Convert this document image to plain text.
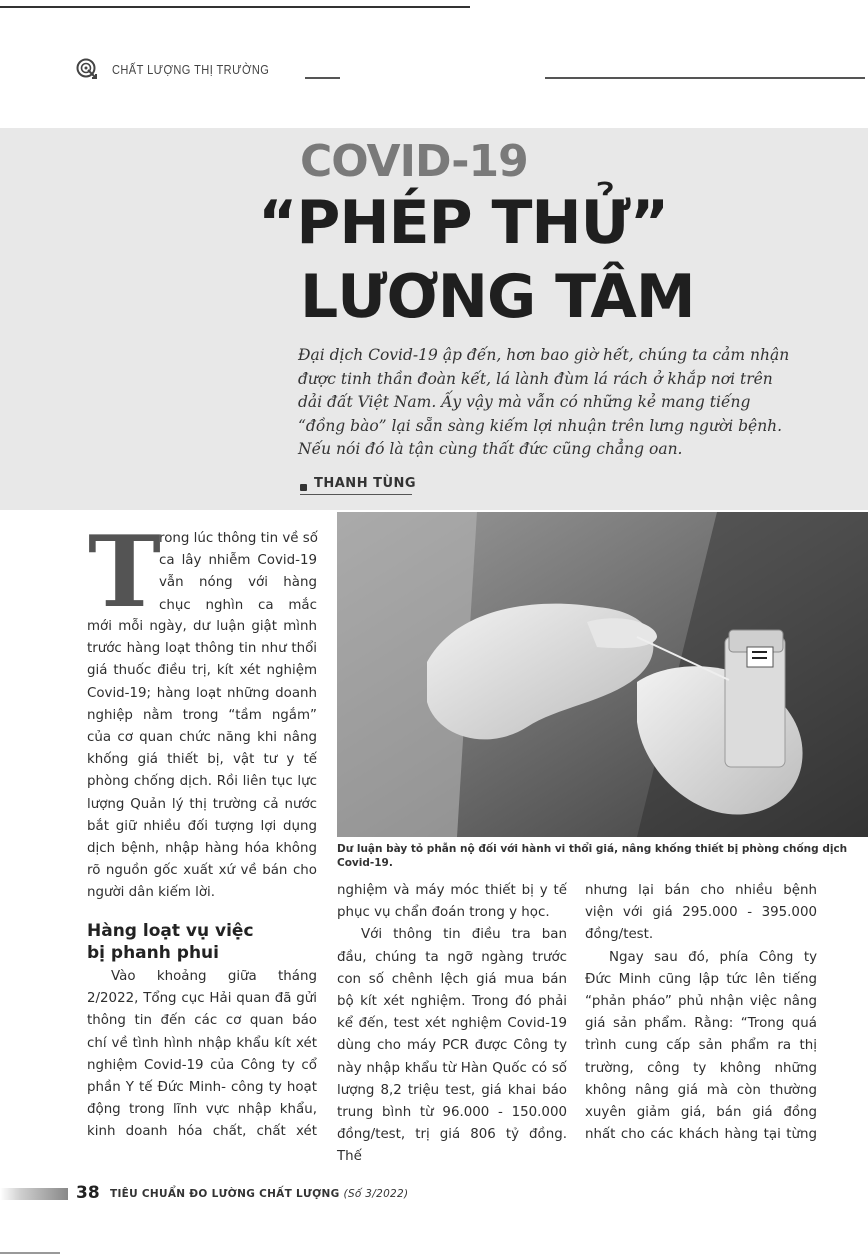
CHẤT LƯỢNG THỊ TRƯỜNG
COVID-19
“PHÉP THỬ”
LƯƠNG TÂM
Đại dịch Covid-19 ập đến, hơn bao giờ hết, chúng ta cảm nhận
được tinh thần đoàn kết, lá lành đùm lá rách ở khắp nơi trên
dải đất Việt Nam. Ấy vậy mà vẫn có những kẻ mang tiếng
“đồng bào” lại sẵn sàng kiếm lợi nhuận trên lưng người bệnh.
Nếu nói đó là tận cùng thất đức cũng chẳng oan.
THANH TÙNG
Dư luận bày tỏ phẫn nộ đối với hành vi thổi giá, nâng khống thiết bị phòng chống dịch Covid-19.
T
rong lúc thông tin về số
ca lây nhiễm Covid-19
vẫn nóng với hàng
chục nghìn ca mắc
mới mỗi ngày, dư luận giật mình
trước hàng loạt thông tin như thổi
giá thuốc điều trị, kít xét nghiệm
Covid-19; hàng loạt những doanh
nghiệp nằm trong “tầm ngắm”
của cơ quan chức năng khi nâng
khống giá thiết bị, vật tư y tế
phòng chống dịch. Rồi liên tục lực
lượng Quản lý thị trường cả nước
bắt giữ nhiều đối tượng lợi dụng
dịch bệnh, nhập hàng hóa không
rõ nguồn gốc xuất xứ về bán cho
người dân kiếm lời.
Hàng loạt vụ việc
bị phanh phui
Vào khoảng giữa tháng
2/2022, Tổng cục Hải quan đã gửi
thông tin đến các cơ quan báo
chí về tình hình nhập khẩu kít xét
nghiệm Covid-19 của Công ty cổ
phần Y tế Đức Minh- công ty hoạt
động trong lĩnh vực nhập khẩu,
kinh doanh hóa chất, chất xét
nghiệm và máy móc thiết bị y tế
phục vụ chẩn đoán trong y học.
Với thông tin điều tra ban
đầu, chúng ta ngỡ ngàng trước
con số chênh lệch giá mua bán
bộ kít xét nghiệm. Trong đó phải
kể đến, test xét nghiệm Covid-19
dùng cho máy PCR được Công ty
này nhập khẩu từ Hàn Quốc có số
lượng 8,2 triệu test, giá khai báo
trung bình từ 96.000 - 150.000
đồng/test, trị giá 806 tỷ đồng. Thế
nhưng lại bán cho nhiều bệnh
viện với giá 295.000 - 395.000
đồng/test.
Ngay sau đó, phía Công ty
Đức Minh cũng lập tức lên tiếng
“phản pháo” phủ nhận việc nâng
giá sản phẩm. Rằng: “Trong quá
trình cung cấp sản phẩm ra thị
trường, công ty không những
không nâng giá mà còn thường
xuyên giảm giá, bán giá đồng
nhất cho các khách hàng tại từng
38 TIÊU CHUẨN ĐO LƯỜNG CHẤT LƯỢNG (Số 3/2022)
